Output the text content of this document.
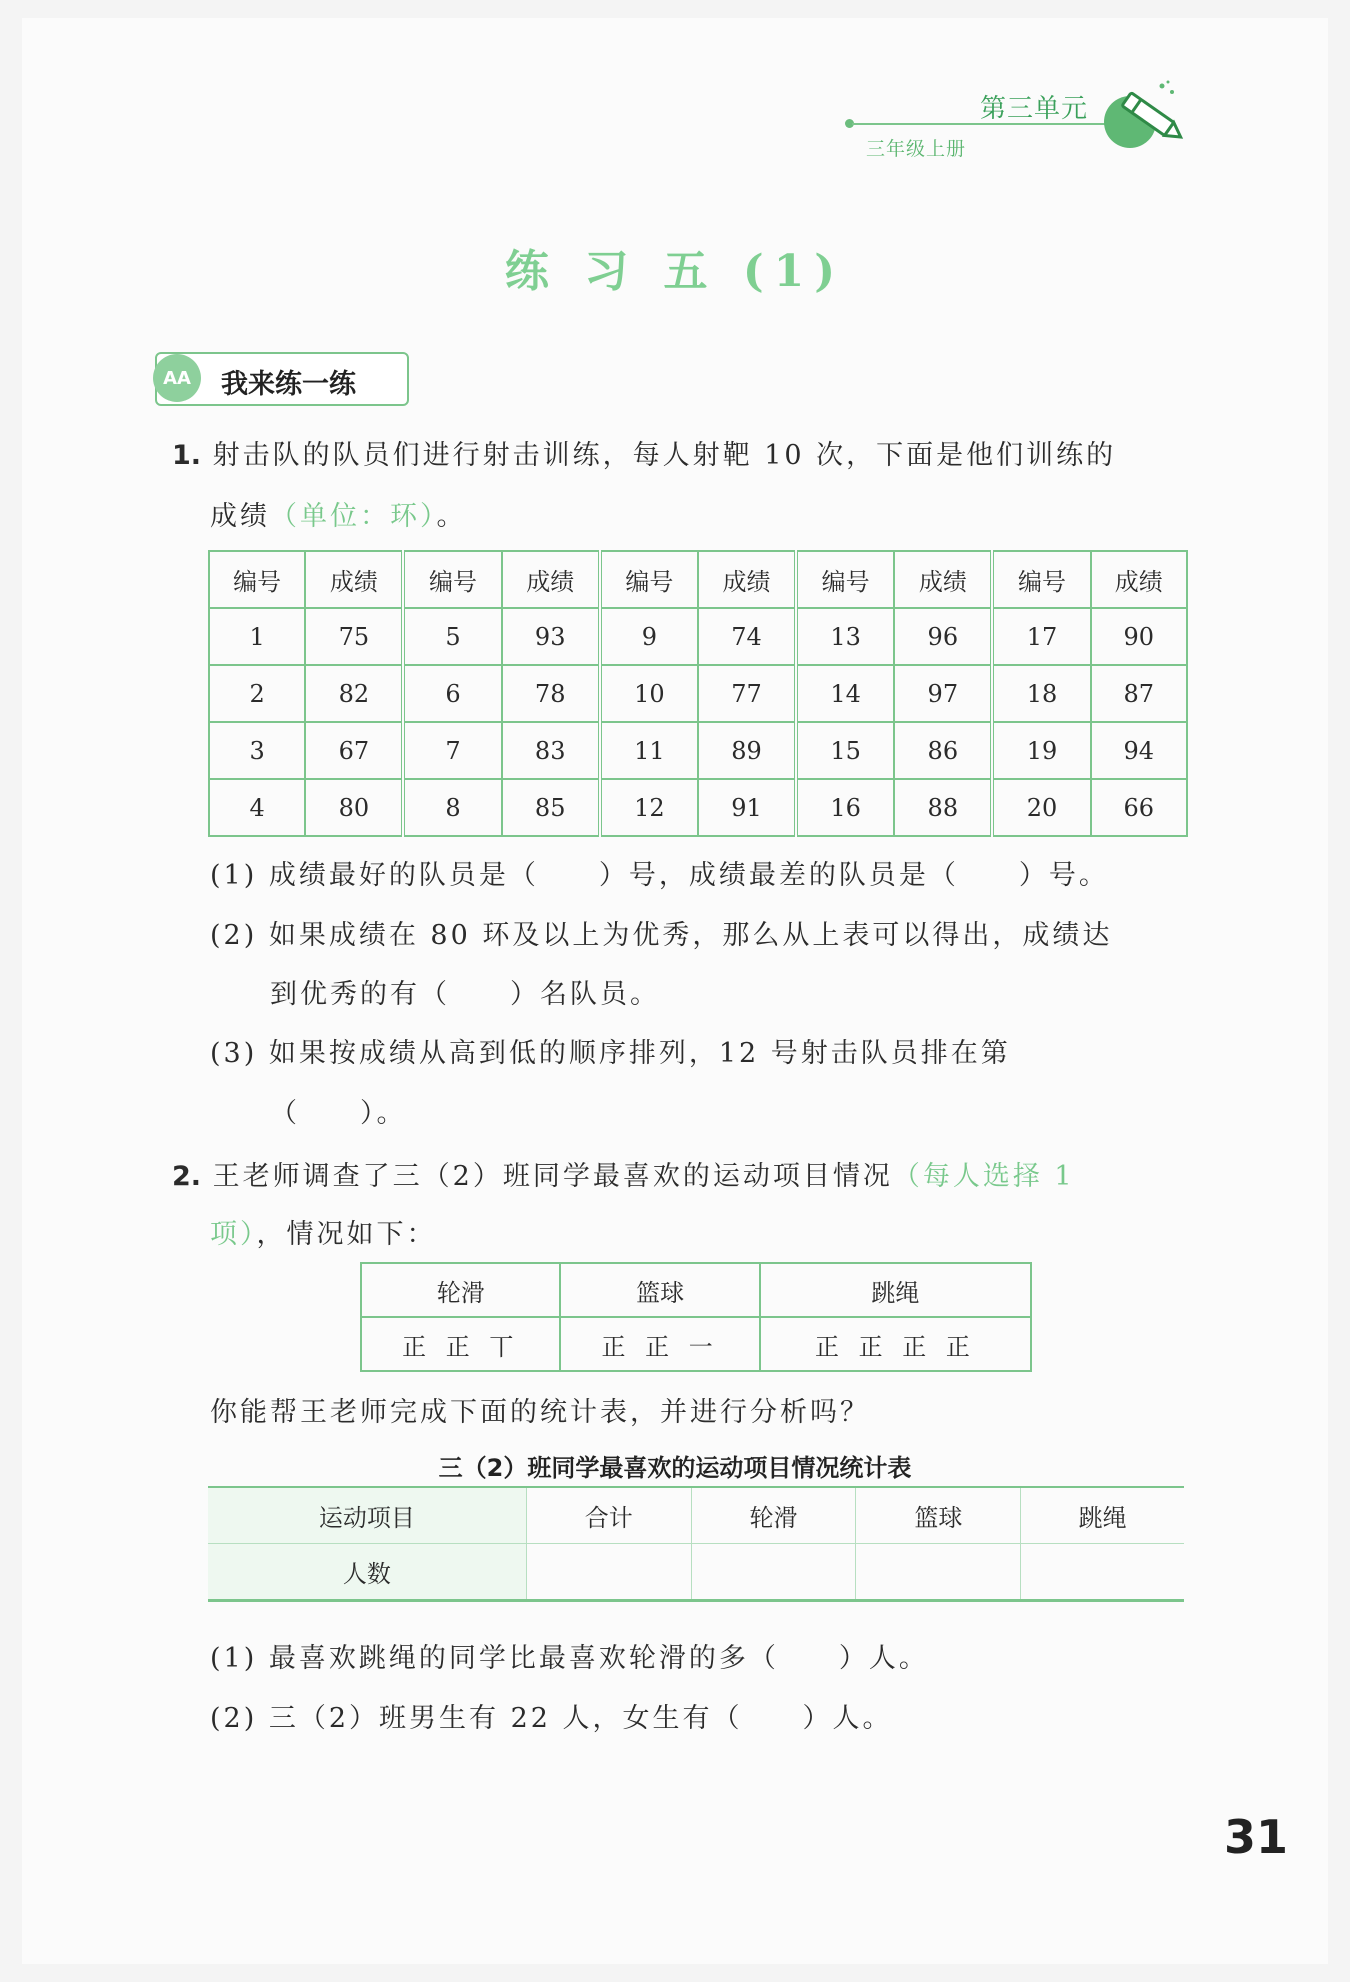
第三单元
三年级上册
练 习 五 (1)
AA	我来练一练
1. 射击队的队员们进行射击训练，每人射靶 10 次，下面是他们训练的
成绩（单位：环）。
编号	成绩	编号	成绩	编号	成绩	编号	成绩	编号	成绩
1	75	5	93	9	74	13	96	17	90
2	82	6	78	10	77	14	97	18	87
3	67	7	83	11	89	15	86	19	94
4	80	8	85	12	91	16	88	20	66
(1) 成绩最好的队员是（　　）号，成绩最差的队员是（　　）号。
(2) 如果成绩在 80 环及以上为优秀，那么从上表可以得出，成绩达
到优秀的有（　　）名队员。
(3) 如果按成绩从高到低的顺序排列，12 号射击队员排在第
（　　）。
2. 王老师调查了三（2）班同学最喜欢的运动项目情况（每人选择 1
项），情况如下：
轮滑	篮球	跳绳
正 正 丅	正 正 一	正 正 正 正
你能帮王老师完成下面的统计表，并进行分析吗？
三（2）班同学最喜欢的运动项目情况统计表
运动项目	合计	轮滑	篮球	跳绳
人数				
(1) 最喜欢跳绳的同学比最喜欢轮滑的多（　　）人。
(2) 三（2）班男生有 22 人，女生有（　　）人。
31
